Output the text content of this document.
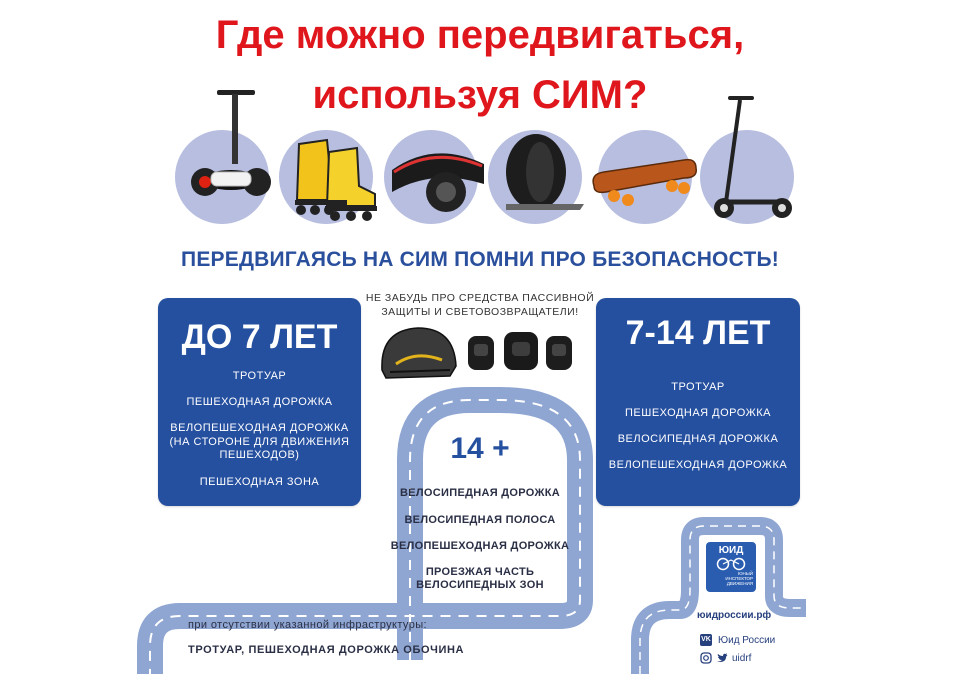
Где можно передвигаться,
используя СИМ?
ПЕРЕДВИГАЯСЬ НА СИМ ПОМНИ ПРО БЕЗОПАСНОСТЬ!
ДО 7 ЛЕТ
ТРОТУАР
ПЕШЕХОДНАЯ ДОРОЖКА
ВЕЛОПЕШЕХОДНАЯ ДОРОЖКА
(НА СТОРОНЕ ДЛЯ ДВИЖЕНИЯ
ПЕШЕХОДОВ)
ПЕШЕХОДНАЯ ЗОНА
7-14 ЛЕТ
ТРОТУАР
ПЕШЕХОДНАЯ ДОРОЖКА
ВЕЛОСИПЕДНАЯ ДОРОЖКА
ВЕЛОПЕШЕХОДНАЯ ДОРОЖКА
НЕ ЗАБУДЬ ПРО СРЕДСТВА ПАССИВНОЙ
ЗАЩИТЫ И СВЕТОВОЗВРАЩАТЕЛИ!
14 +
ВЕЛОСИПЕДНАЯ ДОРОЖКА
ВЕЛОСИПЕДНАЯ ПОЛОСА
ВЕЛОПЕШЕХОДНАЯ ДОРОЖКА
ПРОЕЗЖАЯ ЧАСТЬ
ВЕЛОСИПЕДНЫХ ЗОН
при отсутствии указанной инфраструктуры:
ТРОТУАР, ПЕШЕХОДНАЯ ДОРОЖКА ОБОЧИНА
ЮИД
ЮНЫЙ
ИНСПЕКТОР
ДВИЖЕНИЯ
юидроссии.рф
VK Юид России
uidrf
